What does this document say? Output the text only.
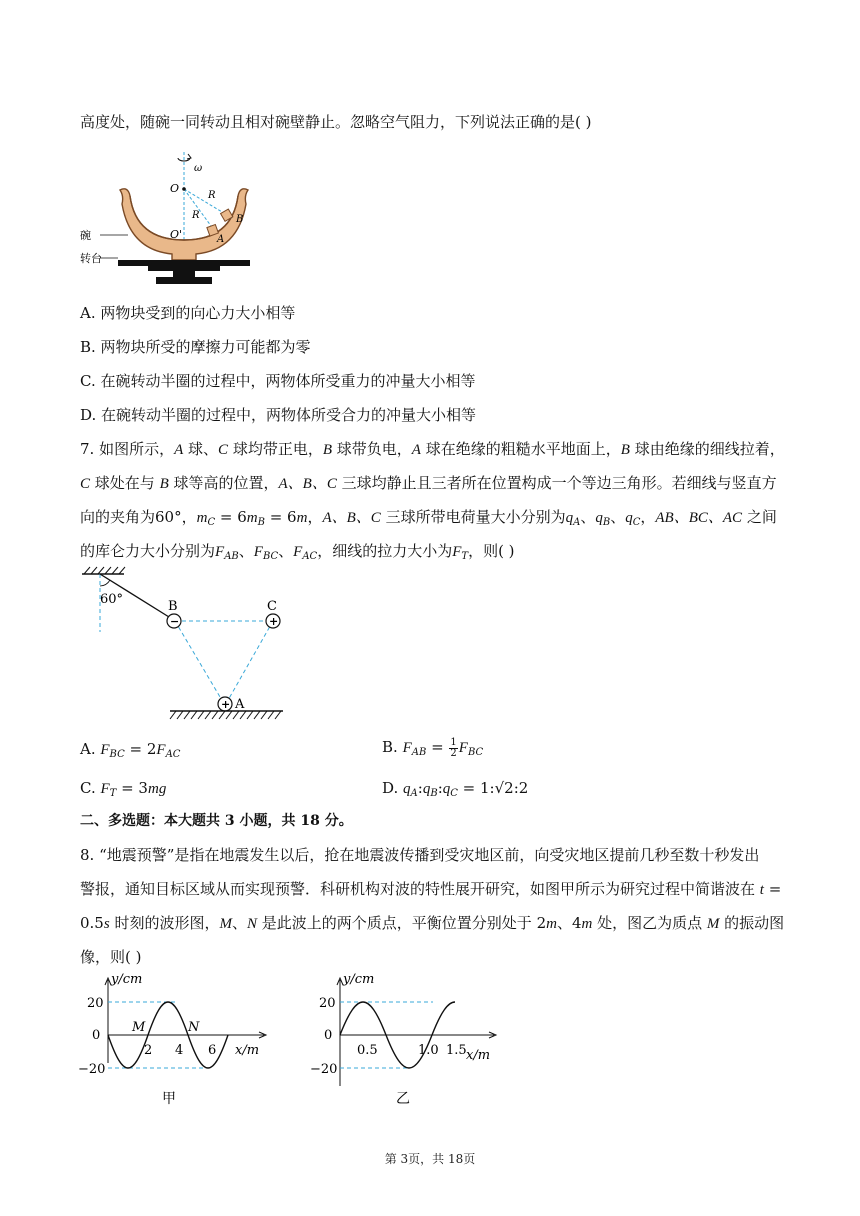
高度处，随碗一同转动且相对碗壁静止。忽略空气阻力，下列说法正确的是( )
ω
O
R
R	B
A
O'
碗
转台
A. 两物块受到的向心力大小相等
B. 两物块所受的摩擦力可能都为零
C. 在碗转动半圈的过程中，两物体所受重力的冲量大小相等
D. 在碗转动半圈的过程中，两物体所受合力的冲量大小相等
7. 如图所示，A 球、C 球均带正电，B 球带负电，A 球在绝缘的粗糙水平地面上，B 球由绝缘的细线拉着，
C 球处在与 B 球等高的位置，A、B、C 三球均静止且三者所在位置构成一个等边三角形。若细线与竖直方
向的夹角为60°，$m_C = 6m_B = 6m$，A、B、C 三球所带电荷量大小分别为$q_A$、$q_B$、$q_C$，AB、BC、AC 之间
的库仑力大小分别为$F_{AB}$、$F_{BC}$、$F_{AC}$，细线的拉力大小为$F_T$，则( )
60°	B	C
A
−	+
+
A. $F_{BC} = 2F_{AC}$	B. $F_{AB} = \frac{1}{2} F_{BC}$
C. $F_T = 3mg$	D. $q_A:q_B:q_C$ = 1:√2:2
二、多选题：本大题共 3 小题，共 18 分。
8. “地震预警”是指在地震发生以后，抢在地震波传播到受灾地区前，向受灾地区提前几秒至数十秒发出
警报，通知目标区域从而实现预警．科研机构对波的特性展开研究，如图甲所示为研究过程中简谐波在 t =
0.5s 时刻的波形图，M、N 是此波上的两个质点，平衡位置分别处于 2m、4m 处，图乙为质点 M 的振动图
像，则( )
y/cm
x/m
20
0
−20
2 4 6
M	N
甲
y/cm
x/m
20
0
−20
0.5	1.0 1.5
乙
第 3页，共 18页
